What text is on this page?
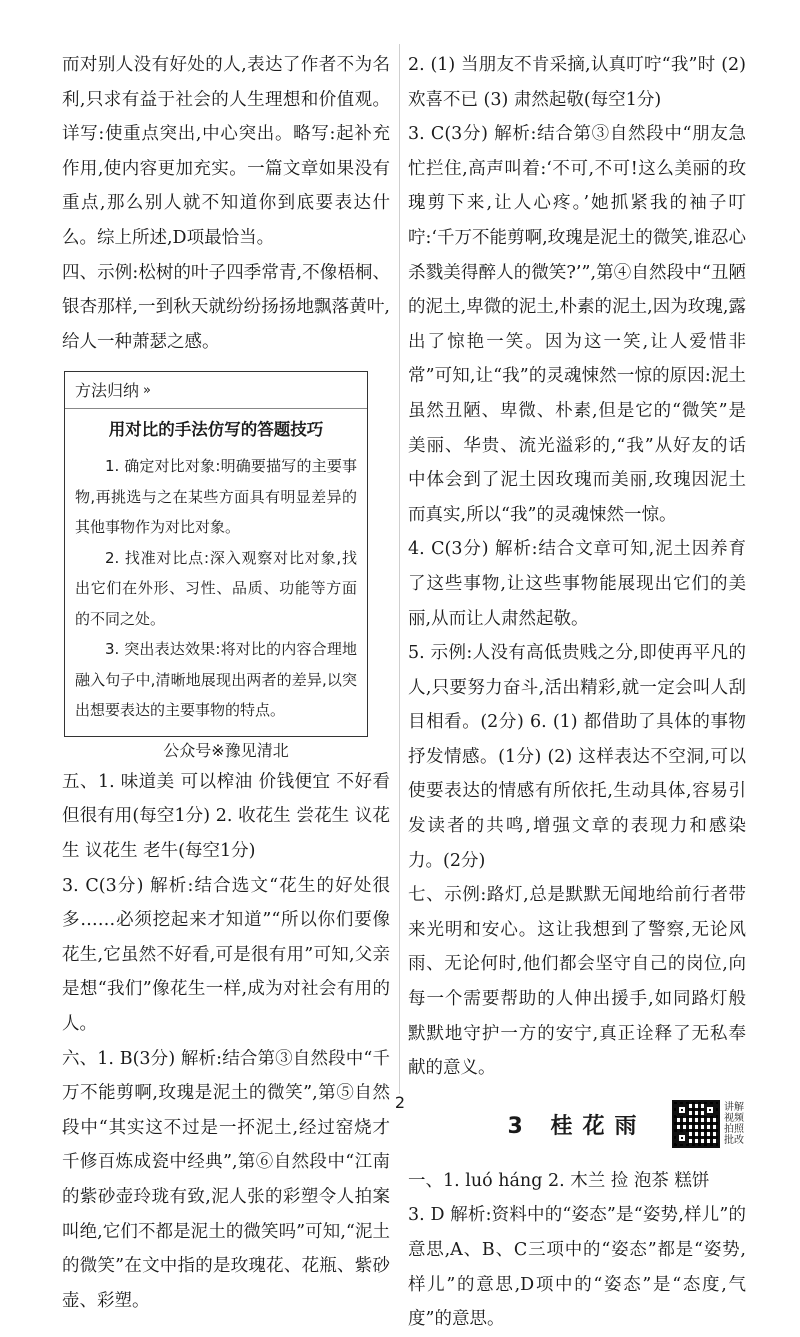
而对别人没有好处的人,表达了作者不为名利,只求有益于社会的人生理想和价值观。详写:使重点突出,中心突出。略写:起补充作用,使内容更加充实。一篇文章如果没有重点,那么别人就不知道你到底要表达什么。综上所述,D项最恰当。

四、示例:松树的叶子四季常青,不像梧桐、银杏那样,一到秋天就纷纷扬扬地飘落黄叶,给人一种萧瑟之感。

方法归纳 »
用对比的手法仿写的答题技巧
1. 确定对比对象:明确要描写的主要事物,再挑选与之在某些方面具有明显差异的其他事物作为对比对象。
2. 找准对比点:深入观察对比对象,找出它们在外形、习性、品质、功能等方面的不同之处。
3. 突出表达效果:将对比的内容合理地融入句子中,清晰地展现出两者的差异,以突出想要表达的主要事物的特点。
公众号※豫见清北

五、1. 味道美 可以榨油 价钱便宜 不好看但很有用(每空1分) 2. 收花生 尝花生 议花生 议花生 老牛(每空1分)

3. C(3分) 解析:结合选文“花生的好处很多……必须挖起来才知道”“所以你们要像花生,它虽然不好看,可是很有用”可知,父亲是想“我们”像花生一样,成为对社会有用的人。

六、1. B(3分) 解析:结合第③自然段中“千万不能剪啊,玫瑰是泥土的微笑”,第⑤自然段中“其实这不过是一抔泥土,经过窑烧才千修百炼成瓷中经典”,第⑥自然段中“江南的紫砂壶玲珑有致,泥人张的彩塑令人拍案叫绝,它们不都是泥土的微笑吗”可知,“泥土的微笑”在文中指的是玫瑰花、花瓶、紫砂壶、彩塑。

2. (1) 当朋友不肯采摘,认真叮咛“我”时 (2) 欢喜不已 (3) 肃然起敬(每空1分)

3. C(3分) 解析:结合第③自然段中“朋友急忙拦住,高声叫着:‘不可,不可!这么美丽的玫瑰剪下来,让人心疼。’她抓紧我的袖子叮咛:‘千万不能剪啊,玫瑰是泥土的微笑,谁忍心杀戮美得醉人的微笑?’”,第④自然段中“丑陋的泥土,卑微的泥土,朴素的泥土,因为玫瑰,露出了惊艳一笑。因为这一笑,让人爱惜非常”可知,让“我”的灵魂悚然一惊的原因:泥土虽然丑陋、卑微、朴素,但是它的“微笑”是美丽、华贵、流光溢彩的,“我”从好友的话中体会到了泥土因玫瑰而美丽,玫瑰因泥土而真实,所以“我”的灵魂悚然一惊。

4. C(3分) 解析:结合文章可知,泥土因养育了这些事物,让这些事物能展现出它们的美丽,从而让人肃然起敬。

5. 示例:人没有高低贵贱之分,即使再平凡的人,只要努力奋斗,活出精彩,就一定会叫人刮目相看。(2分) 6. (1) 都借助了具体的事物抒发情感。(1分) (2) 这样表达不空洞,可以使要表达的情感有所依托,生动具体,容易引发读者的共鸣,增强文章的表现力和感染力。(2分)

七、示例:路灯,总是默默无闻地给前行者带来光明和安心。这让我想到了警察,无论风雨、无论何时,他们都会坚守自己的岗位,向每一个需要帮助的人伸出援手,如同路灯般默默地守护一方的安宁,真正诠释了无私奉献的意义。

3 桂花雨
讲解视频拍照批改

一、1. luó háng 2. 木兰 捡 泡茶 糕饼

3. D 解析:资料中的“姿态”是“姿势,样儿”的意思,A、B、C三项中的“姿态”都是“姿势,样儿”的意思,D项中的“姿态”是“态度,气度”的意思。

2
